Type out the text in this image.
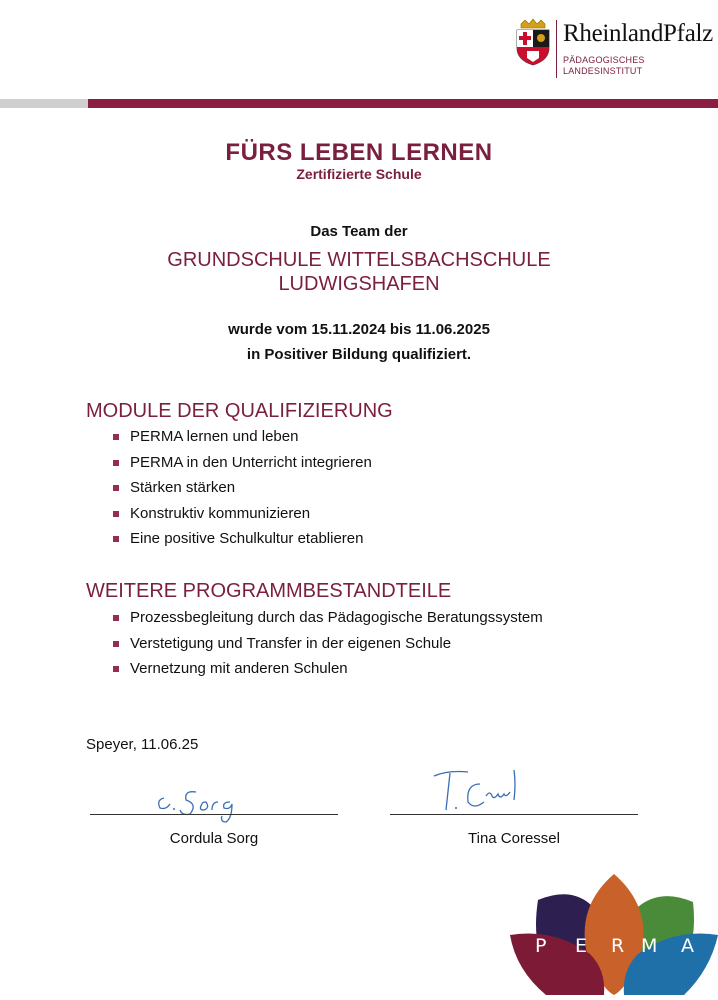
RheinlandPfalz
PÄDAGOGISCHES
LANDESINSTITUT
FÜRS LEBEN LERNEN
Zertifizierte Schule
Das Team der
GRUNDSCHULE WITTELSBACHSCHULE
LUDWIGSHAFEN
wurde vom 15.11.2024 bis 11.06.2025
in Positiver Bildung qualifiziert.
MODULE DER QUALIFIZIERUNG
PERMA lernen und leben
PERMA in den Unterricht integrieren
Stärken stärken
Konstruktiv kommunizieren
Eine positive Schulkultur etablieren
WEITERE PROGRAMMBESTANDTEILE
Prozessbegleitung durch das Pädagogische Beratungssystem
Verstetigung und Transfer in der eigenen Schule
Vernetzung mit anderen Schulen
Speyer, 11.06.25
Cordula Sorg	Tina Coressel
P E R M A
